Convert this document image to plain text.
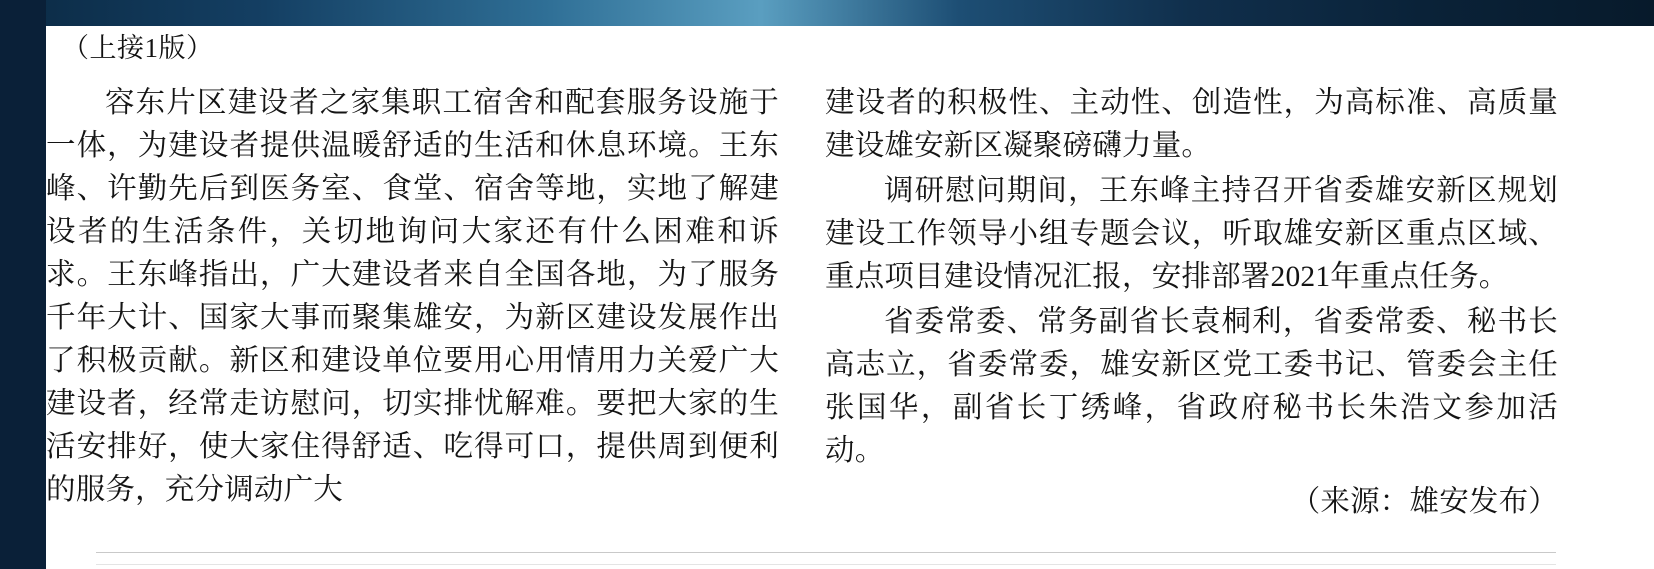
（上接1版）

容东片区建设者之家集职工宿舍和配套服务设施于一体，为建设者提供温暖舒适的生活和休息环境。王东峰、许勤先后到医务室、食堂、宿舍等地，实地了解建设者的生活条件，关切地询问大家还有什么困难和诉求。王东峰指出，广大建设者来自全国各地，为了服务千年大计、国家大事而聚集雄安，为新区建设发展作出了积极贡献。新区和建设单位要用心用情用力关爱广大建设者，经常走访慰问，切实排忧解难。要把大家的生活安排好，使大家住得舒适、吃得可口，提供周到便利的服务，充分调动广大

建设者的积极性、主动性、创造性，为高标准、高质量建设雄安新区凝聚磅礴力量。

调研慰问期间，王东峰主持召开省委雄安新区规划建设工作领导小组专题会议，听取雄安新区重点区域、重点项目建设情况汇报，安排部署2021年重点任务。

省委常委、常务副省长袁桐利，省委常委、秘书长高志立，省委常委，雄安新区党工委书记、管委会主任张国华，副省长丁绣峰，省政府秘书长朱浩文参加活动。

（来源：雄安发布）
